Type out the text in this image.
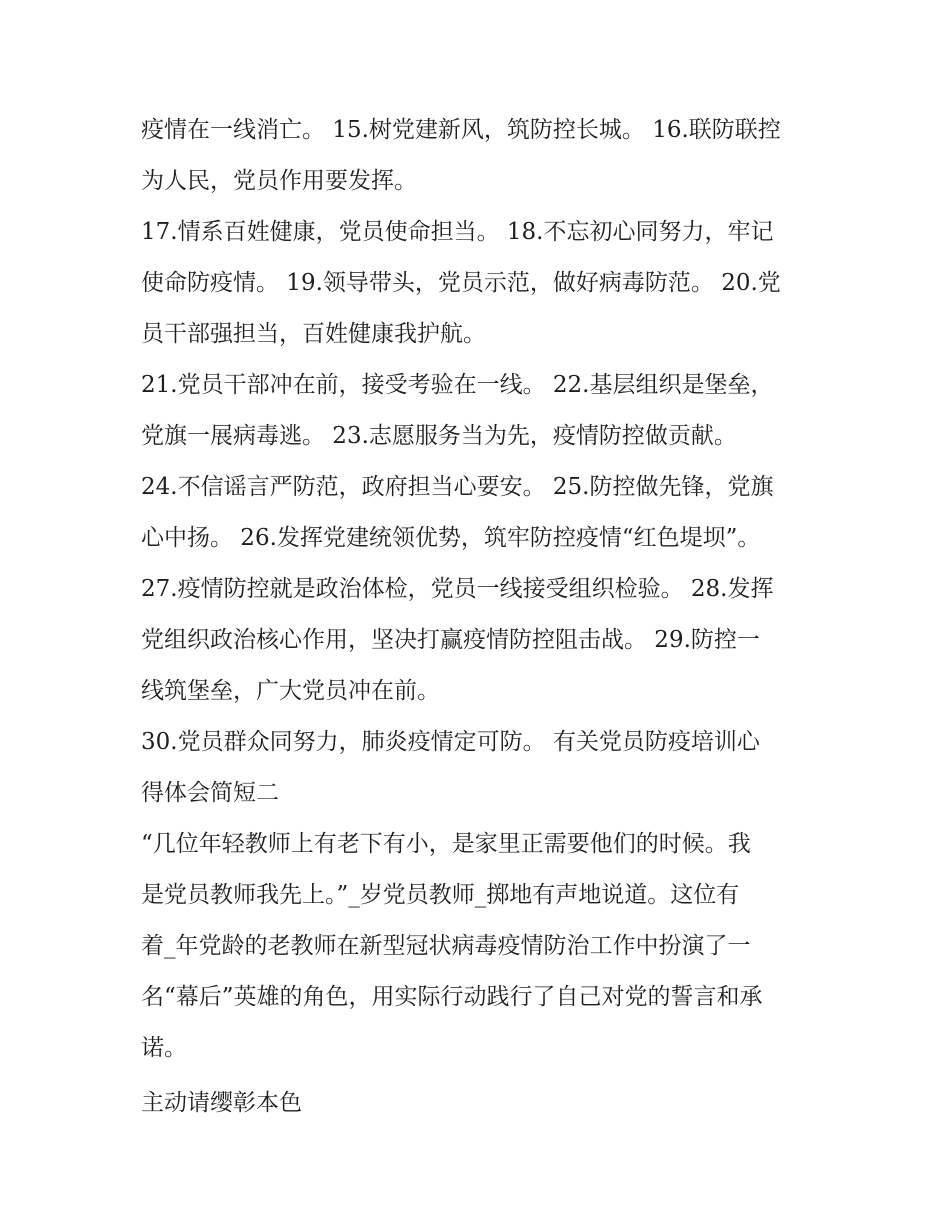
疫情在一线消亡。 15.树党建新风，筑防控长城。 16.联防联控
为人民，党员作用要发挥。
17.情系百姓健康，党员使命担当。 18.不忘初心同努力，牢记
使命防疫情。 19.领导带头，党员示范，做好病毒防范。 20.党
员干部强担当，百姓健康我护航。
21.党员干部冲在前，接受考验在一线。 22.基层组织是堡垒，
党旗一展病毒逃。 23.志愿服务当为先，疫情防控做贡献。
24.不信谣言严防范，政府担当心要安。 25.防控做先锋，党旗
心中扬。 26.发挥党建统领优势，筑牢防控疫情“红色堤坝”。
27.疫情防控就是政治体检，党员一线接受组织检验。 28.发挥
党组织政治核心作用，坚决打赢疫情防控阻击战。 29.防控一
线筑堡垒，广大党员冲在前。
30.党员群众同努力，肺炎疫情定可防。 有关党员防疫培训心
得体会简短二
“几位年轻教师上有老下有小，是家里正需要他们的时候。我
是党员教师我先上。”_岁党员教师_掷地有声地说道。这位有
着_年党龄的老教师在新型冠状病毒疫情防治工作中扮演了一
名“幕后”英雄的角色，用实际行动践行了自己对党的誓言和承
诺。
主动请缨彰本色
